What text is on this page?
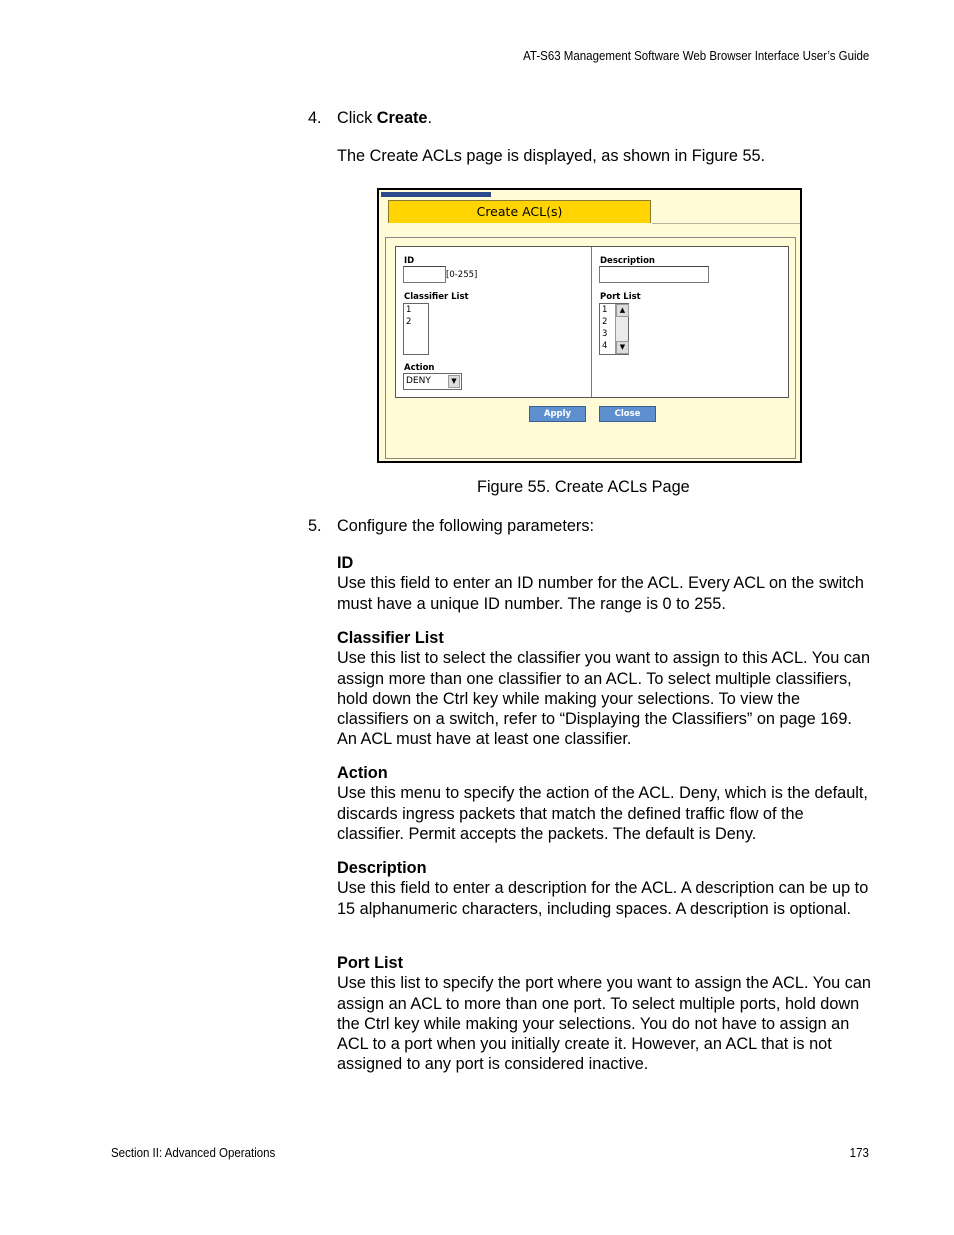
AT-S63 Management Software Web Browser Interface User’s Guide
4. Click Create.
The Create ACLs page is displayed, as shown in Figure 55.
Create ACL(s)
ID
[0-255]
Classifier List
1
2
Action
DENY	▼
Description
Port List
1
2
3
4
▲
▼
Apply	Close
Figure 55. Create ACLs Page
5. Configure the following parameters:
ID
Use this field to enter an ID number for the ACL. Every ACL on the switch must have a unique ID number. The range is 0 to 255.
Classifier List
Use this list to select the classifier you want to assign to this ACL. You can assign more than one classifier to an ACL. To select multiple classifiers, hold down the Ctrl key while making your selections. To view the classifiers on a switch, refer to “Displaying the Classifiers” on page 169. An ACL must have at least one classifier.
Action
Use this menu to specify the action of the ACL. Deny, which is the default, discards ingress packets that match the defined traffic flow of the classifier. Permit accepts the packets. The default is Deny.
Description
Use this field to enter a description for the ACL. A description can be up to 15 alphanumeric characters, including spaces. A description is optional.
Port List
Use this list to specify the port where you want to assign the ACL. You can assign an ACL to more than one port. To select multiple ports, hold down the Ctrl key while making your selections. You do not have to assign an ACL to a port when you initially create it. However, an ACL that is not assigned to any port is considered inactive.
Section II: Advanced Operations	173
